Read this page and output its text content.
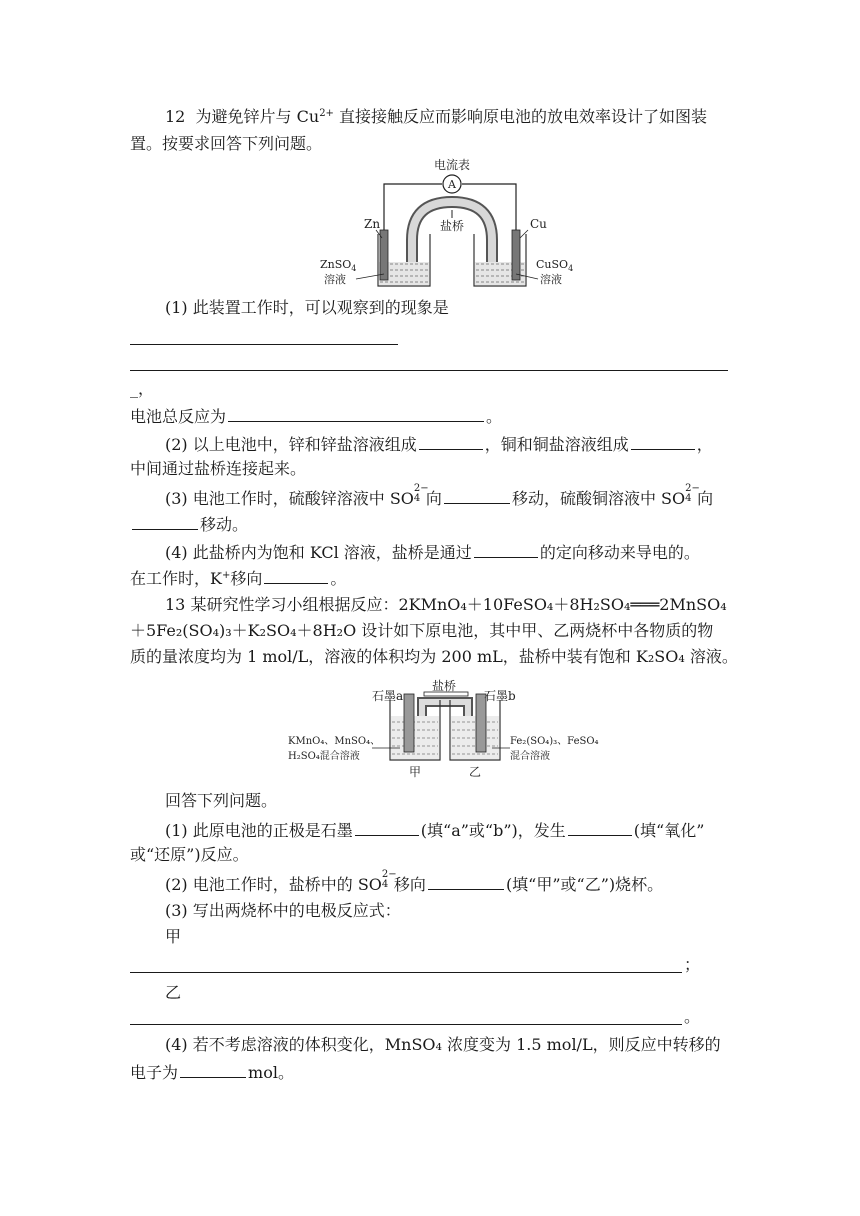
12 为避免锌片与 $Cu^{2+}$ 直接接触反应而影响原电池的放电效率设计了如图装
置。按要求回答下列问题。
电流表
A
盐桥
Zn	Cu
ZnSO$_4$
溶液
CuSO$_4$
溶液
(1) 此装置工作时，可以观察到的现象是
_，
电池总反应为	。
(2) 以上电池中，锌和锌盐溶液组成	，铜和铜盐溶液组成	，
中间通过盐桥连接起来。
(3) 电池工作时，硫酸锌溶液中 SO
2−
4 向	移动，硫酸铜溶液中 SO
2−
4 向
移动。
(4) 此盐桥内为饱和 KCl 溶液，盐桥是通过	的定向移动来导电的。
在工作时，K+移向	。
13 某研究性学习小组根据反应：2KMnO₄＋10FeSO₄＋8H₂SO₄═══2MnSO₄
＋5Fe₂(SO₄)₃＋K₂SO₄＋8H₂O 设计如下原电池，其中甲、乙两烧杯中各物质的物
质的量浓度均为 1 mol/L，溶液的体积均为 200 mL，盐桥中装有饱和 K₂SO₄ 溶液。
盐桥
石墨a	石墨b
KMnO₄、MnSO₄、
H₂SO₄混合溶液
Fe₂(SO₄)₃、FeSO₄
混合溶液
甲	乙
回答下列问题。
(1) 此原电池的正极是石墨	(填“a”或“b”)，发生	(填“氧化”
或“还原”)反应。
(2) 电池工作时，盐桥中的 SO
2−
4 移向	(填“甲”或“乙”)烧杯。
(3) 写出两烧杯中的电极反应式：
甲
；
乙
。
(4) 若不考虑溶液的体积变化，MnSO₄ 浓度变为 1.5 mol/L，则反应中转移的
电子为	mol。
